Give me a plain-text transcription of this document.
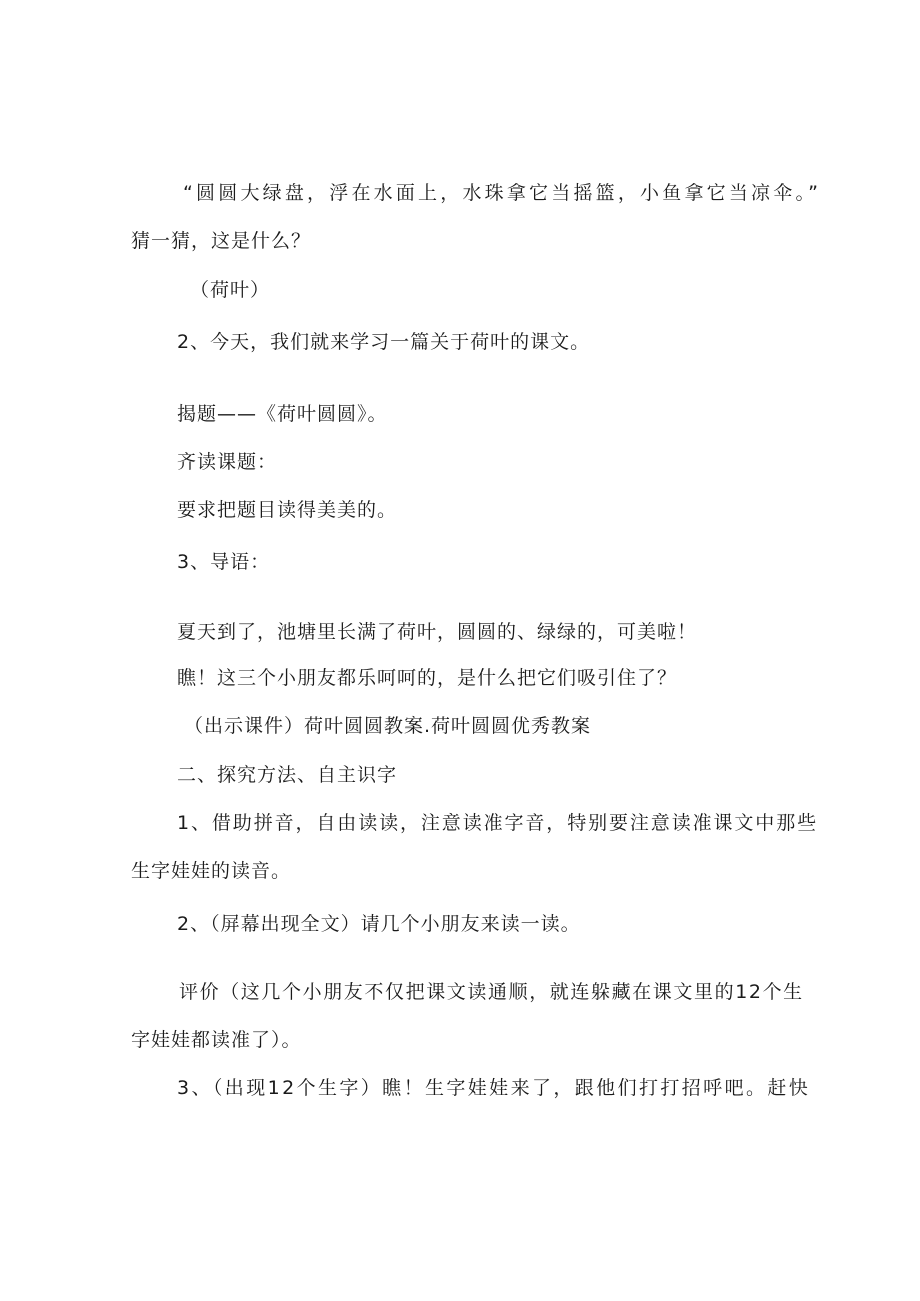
“圆圆大绿盘，浮在水面上，水珠拿它当摇篮，小鱼拿它当凉伞。”
猜一猜，这是什么？
（荷叶）
2、今天，我们就来学习一篇关于荷叶的课文。
揭题——《荷叶圆圆》。
齐读课题：
要求把题目读得美美的。
3、导语：
夏天到了，池塘里长满了荷叶，圆圆的、绿绿的，可美啦！
瞧！这三个小朋友都乐呵呵的，是什么把它们吸引住了？
（出示课件）荷叶圆圆教案.荷叶圆圆优秀教案
二、探究方法、自主识字
1、借助拼音，自由读读，注意读准字音，特别要注意读准课文中那些
生字娃娃的读音。
2、（屏幕出现全文）请几个小朋友来读一读。
评价（这几个小朋友不仅把课文读通顺，就连躲藏在课文里的12个生
字娃娃都读准了）。
3、（出现12个生字）瞧！生字娃娃来了，跟他们打打招呼吧。赶快
